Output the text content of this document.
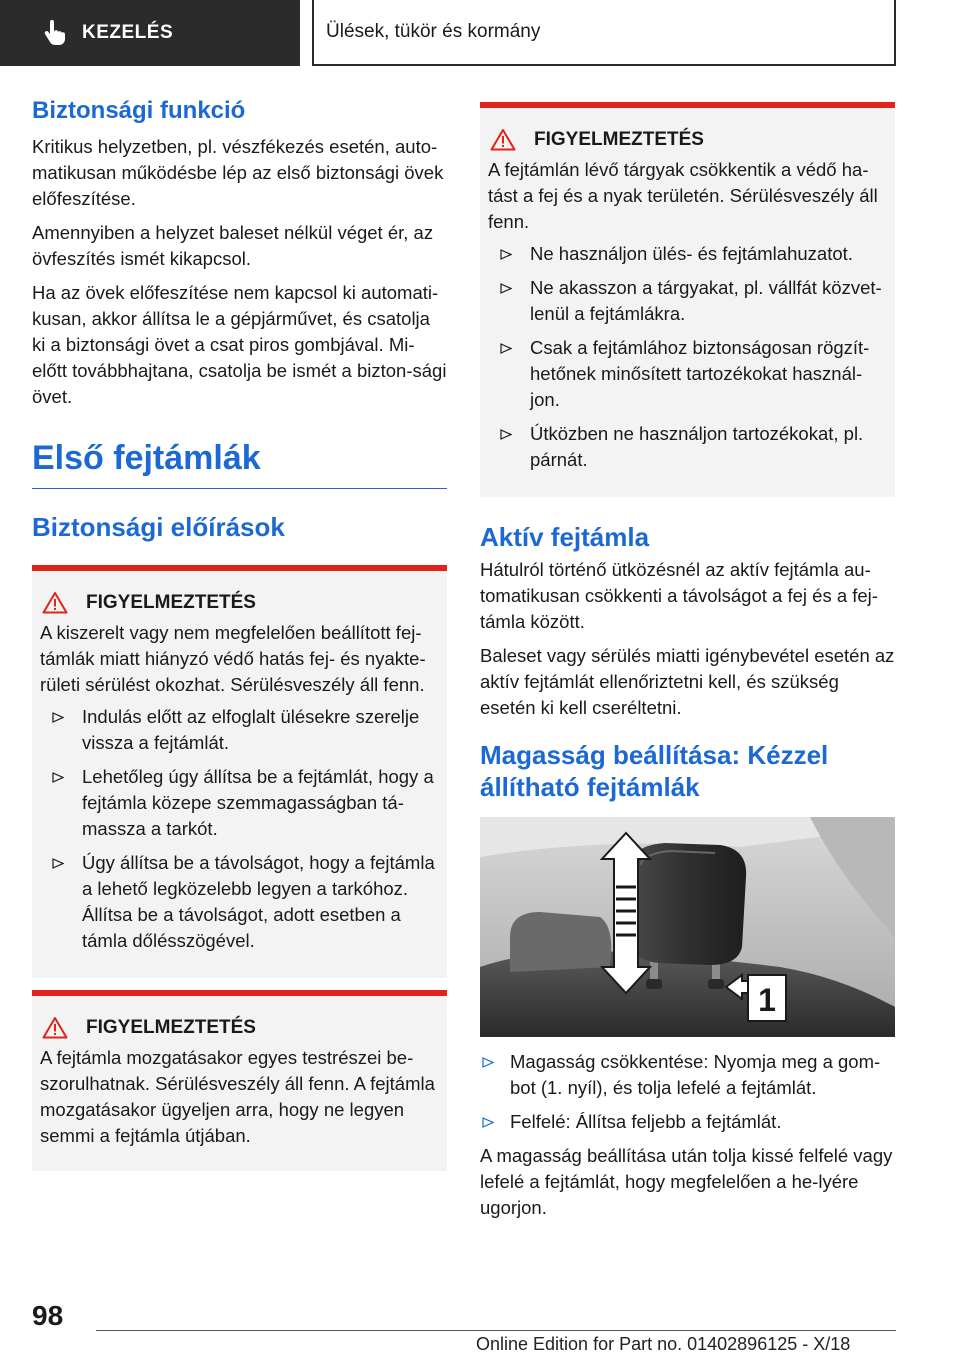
KEZELÉS	Ülések, tükör és kormány
Biztonsági funkció

Kritikus helyzetben, pl. vészfékezés esetén, auto-matikusan működésbe lép az első biztonsági övek előfeszítése.

Amennyiben a helyzet baleset nélkül véget ér, az övfeszítés ismét kikapcsol.

Ha az övek előfeszítése nem kapcsol ki automati-kusan, akkor állítsa le a gépjárművet, és csatolja ki a biztonsági övet a csat piros gombjával. Mi-előtt továbbhajtana, csatolja be ismét a bizton-sági övet.

Első fejtámlák
Biztonsági előírások
FIGYELMEZTETÉS

A kiszerelt vagy nem megfelelően beállított fej-támlák miatt hiányzó védő hatás fej- és nyakte-rületi sérülést okozhat. Sérülésveszély áll fenn.

Indulás előtt az elfoglalt ülésekre szerelje vissza a fejtámlát.
Lehetőleg úgy állítsa be a fejtámlát, hogy a fejtámla közepe szemmagasságban tá-massza a tarkót.
Úgy állítsa be a távolságot, hogy a fejtámla a lehető legközelebb legyen a tarkóhoz. Állítsa be a távolságot, adott esetben a támla dőlésszögével.
FIGYELMEZTETÉS

A fejtámla mozgatásakor egyes testrészei be-szorulhatnak. Sérülésveszély áll fenn. A fejtámla mozgatásakor ügyeljen arra, hogy ne legyen semmi a fejtámla útjában.

FIGYELMEZTETÉS

A fejtámlán lévő tárgyak csökkentik a védő ha-tást a fej és a nyak területén. Sérülésveszély áll fenn.

Ne használjon ülés- és fejtámlahuzatot.
Ne akasszon a tárgyakat, pl. vállfát közvet-lenül a fejtámlákra.
Csak a fejtámlához biztonságosan rögzít-hetőnek minősített tartozékokat használ-jon.
Útközben ne használjon tartozékokat, pl. párnát.
Aktív fejtámla

Hátulról történő ütközésnél az aktív fejtámla au-tomatikusan csökkenti a távolságot a fej és a fej-támla között.

Baleset vagy sérülés miatti igénybevétel esetén az aktív fejtámlát ellenőriztetni kell, és szükség esetén ki kell cseréltetni.

Magasság beállítása: Kézzel állítható fejtámlák
1
Magasság csökkentése: Nyomja meg a gom-bot (1. nyíl), és tolja lefelé a fejtámlát.
Felfelé: Állítsa feljebb a fejtámlát.

A magasság beállítása után tolja kissé felfelé vagy lefelé a fejtámlát, hogy megfelelően a he-lyére ugorjon.

98
Online Edition for Part no. 01402896125 - X/18
